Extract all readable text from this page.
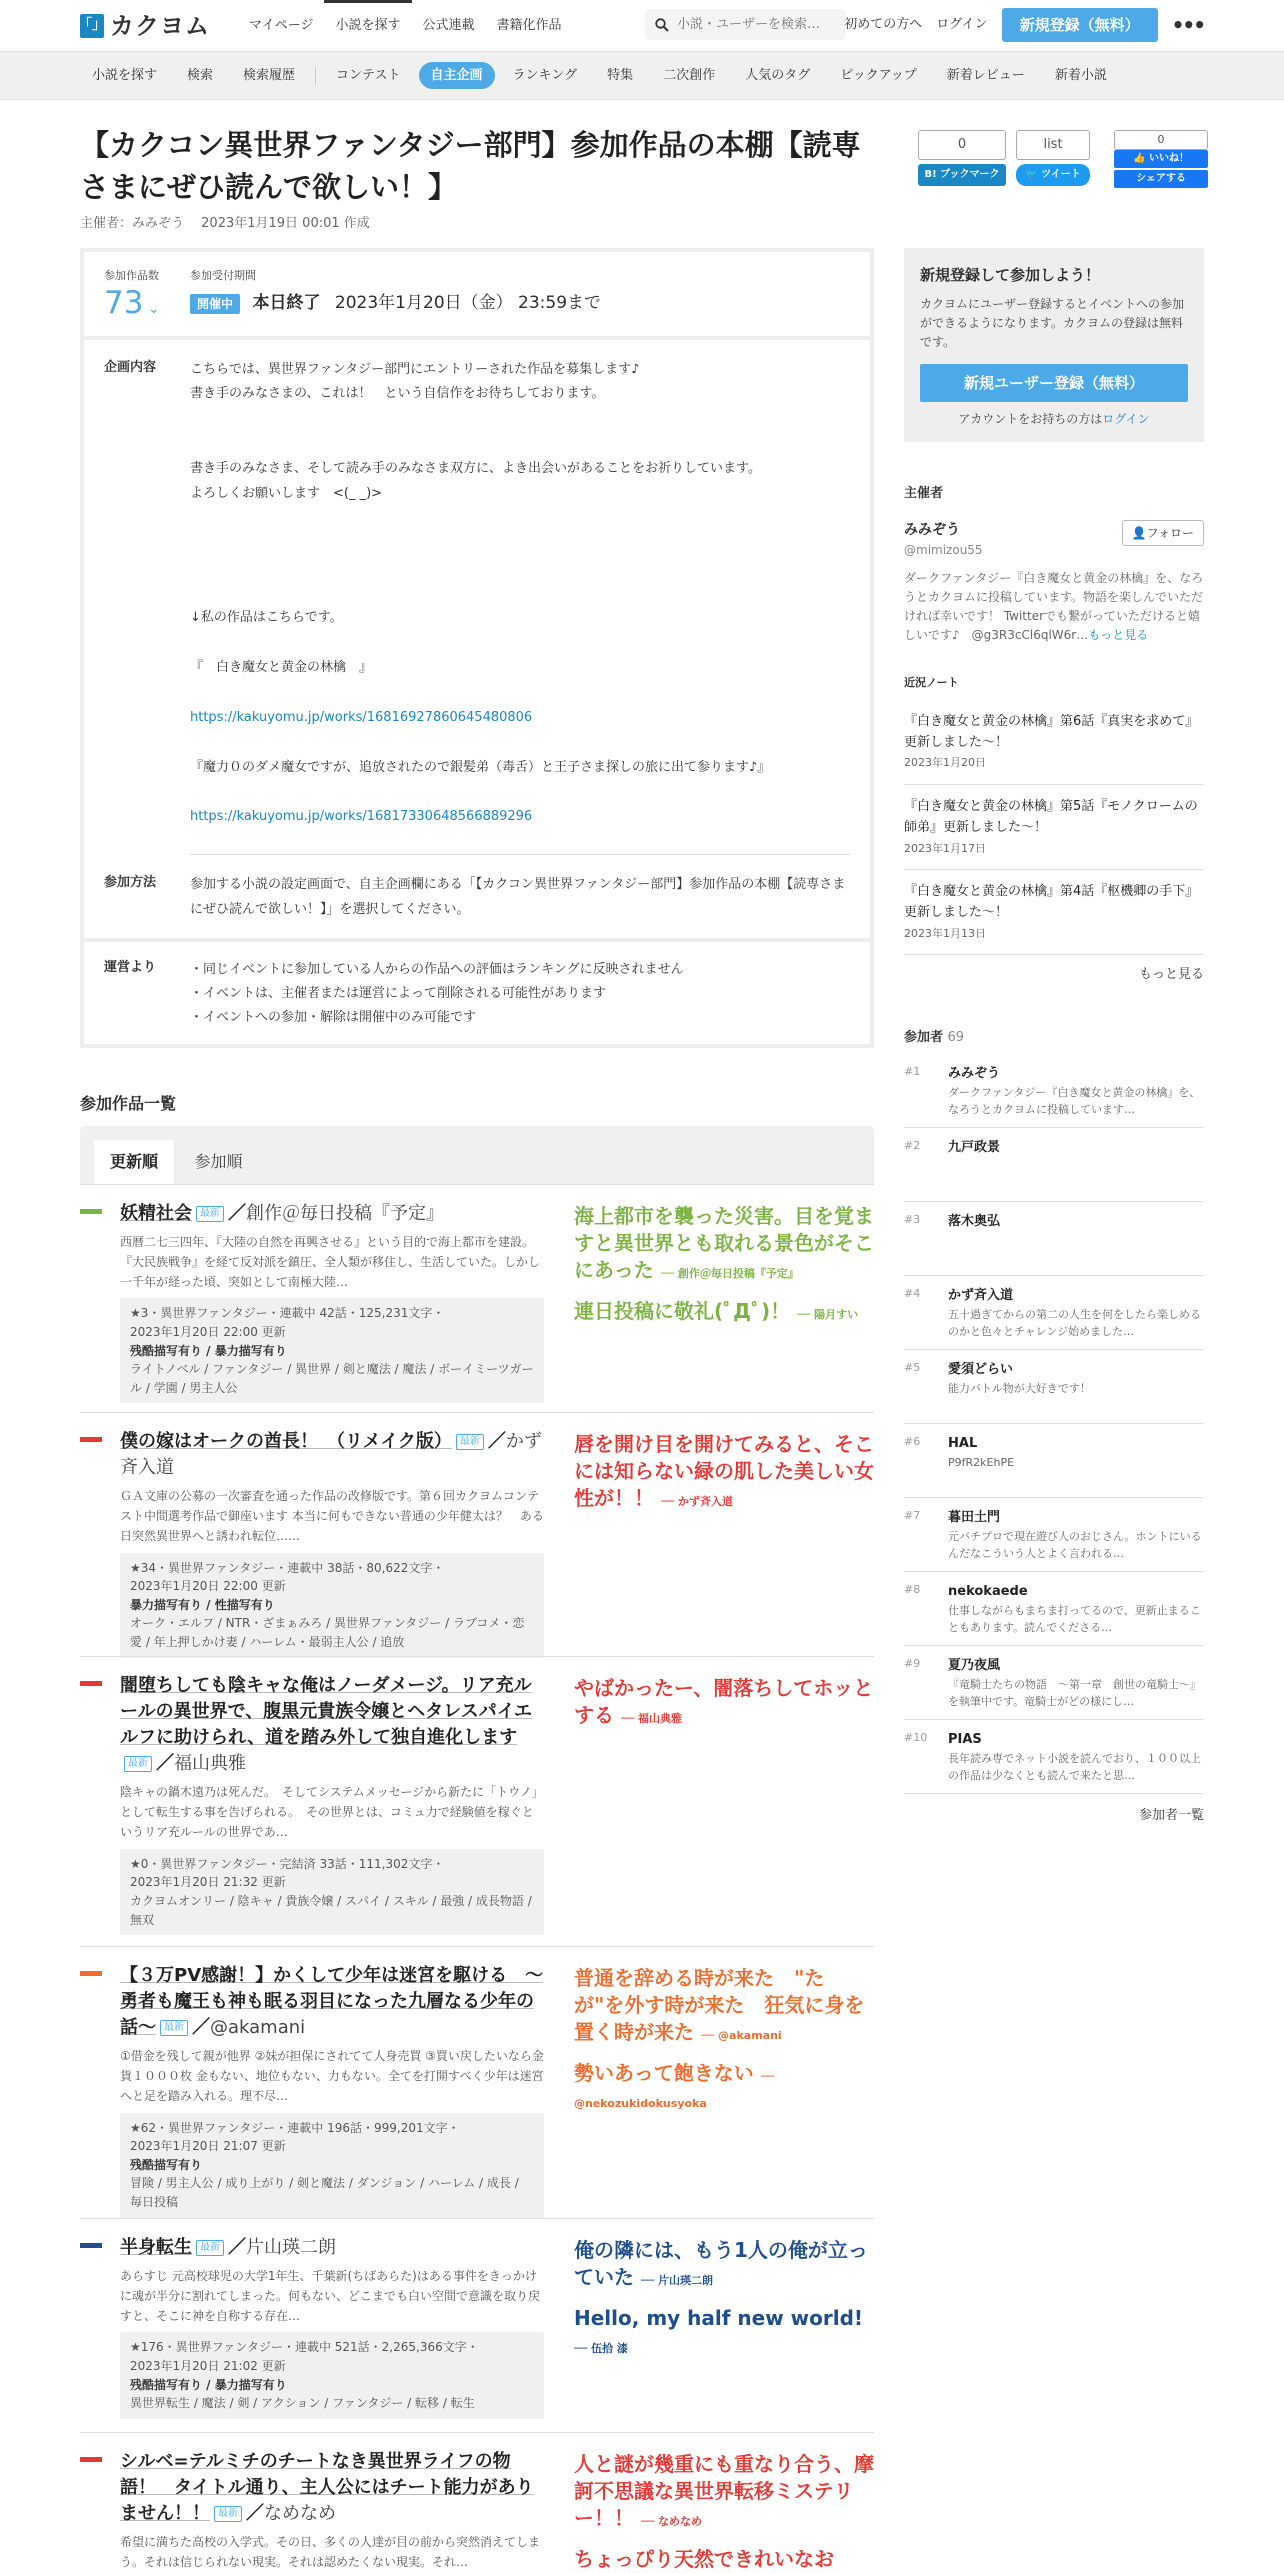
「」 カクヨム	マイページ	小説を探す	公式連載	書籍化作品
小説・ユーザーを検索…	初めての方へ ログイン	新規登録（無料）	•••
小説を探す	検索	検索履歴	コンテスト	自主企画	ランキング	特集	二次創作	人気のタグ	ピックアップ	新着レビュー	新着小説
【カクコン異世界ファンタジー部門】参加作品の本棚【読専さまにぜひ読んで欲しい！】
主催者：みみぞう　 2023年1月19日 00:01 作成
0
B! ブックマーク
list
🐦 ツイート
0
👍 いいね！
シェアする
参加作品数
73 ⌄
参加受付期間
開催中 本日終了 2023年1月20日（金） 23:59まで
企画内容	こちらでは、異世界ファンタジー部門にエントリーされた作品を募集します♪
書き手のみなさまの、これは！　という自信作をお待ちしております。
書き手のみなさま、そして読み手のみなさま双方に、よき出会いがあることをお祈りしています。
よろしくお願いします　<(_ _)>
↓私の作品はこちらです。
『　白き魔女と黄金の林檎　』
https://kakuyomu.jp/works/16816927860645480806
『魔力０のダメ魔女ですが、追放されたので銀髪弟（毒舌）と王子さま探しの旅に出て参ります♪』
https://kakuyomu.jp/works/16817330648566889296
参加方法	参加する小説の設定画面で、自主企画欄にある「【カクコン異世界ファンタジー部門】参加作品の本棚【読専さまにぜひ読んで欲しい！】」を選択してください。
運営より	・同じイベントに参加している人からの作品への評価はランキングに反映されません
・イベントは、主催者または運営によって削除される可能性があります
・イベントへの参加・解除は開催中のみ可能です
参加作品一覧
更新順 参加順
妖精社会 最新 ／創作＠毎日投稿『予定』
西暦二七三四年、『大陸の自然を再興させる』という目的で海上都市を建設。『大民族戦争』を経て反対派を鎮圧、全人類が移住し、生活していた。しかし一千年が経った頃、突如として南極大陸…
★3・異世界ファンタジー・連載中 42話・125,231文字・
2023年1月20日 22:00 更新
残酷描写有り / 暴力描写有り
ライトノベル / ファンタジー / 異世界 / 剣と魔法 / 魔法 / ボーイミーツガール / 学園 / 男主人公
海上都市を襲った災害。目を覚ますと異世界とも取れる景色がそこにあった ── 創作＠毎日投稿『予定』
連日投稿に敬礼(ﾟДﾟ)！ ── 陽月すい
僕の嫁はオークの酋長！　（リメイク版） 最新 ／かず斉入道
ＧＡ文庫の公募の一次審査を通った作品の改修版です。第６回カクヨムコンテスト中間選考作品で御座います 本当に何もできない普通の少年健太は？　ある日突然異世界へと誘われ転位……
★34・異世界ファンタジー・連載中 38話・80,622文字・
2023年1月20日 22:00 更新
暴力描写有り / 性描写有り
オーク・エルフ / NTR・ざまぁみろ / 異世界ファンタジー / ラブコメ・恋愛 / 年上押しかけ妻 / ハーレム・最弱主人公 / 追放
唇を開け目を開けてみると、そこには知らない緑の肌した美しい女性が！！ ── かず斉入道
闇堕ちしても陰キャな俺はノーダメージ。リア充ルールの異世界で、腹黒元貴族令嬢とヘタレスパイエルフに助けられ、道を踏み外して独自進化します最新 ／福山典雅
陰キャの鍋木遠乃は死んだ。　そしてシステムメッセージから新たに「トウノ」として転生する事を告げられる。　その世界とは、コミュ力で経験値を稼ぐというリア充ルールの世界であ…
★0・異世界ファンタジー・完結済 33話・111,302文字・
2023年1月20日 21:32 更新
カクヨムオンリー / 陰キャ / 貴族令嬢 / スパイ / スキル / 最強 / 成長物語 / 無双
やばかったー、闇落ちしてホッとする ── 福山典雅
【３万PV感謝！】かくして少年は迷宮を駆ける　～勇者も魔王も神も眠る羽目になった九層なる少年の話～ 最新 ／@akamani
①借金を残して親が他界 ②妹が担保にされてて人身売買 ③買い戻したいなら金貨１０００枚 金もない、地位もない、力もない。全てを打開すべく少年は迷宮へと足を踏み入れる。理不尽…
★62・異世界ファンタジー・連載中 196話・999,201文字・
2023年1月20日 21:07 更新
残酷描写有り
冒険 / 男主人公 / 成り上がり / 剣と魔法 / ダンジョン / ハーレム / 成長 / 毎日投稿
普通を辞める時が来た　"たが"を外す時が来た　狂気に身を置く時が来た ── @akamani
勢いあって飽きない ── @nekozukidokusyoka
半身転生 最新 ／片山瑛二朗
あらすじ 元高校球児の大学1年生、千葉新(ちばあらた)はある事件をきっかけに魂が半分に割れてしまった。何もない、どこまでも白い空間で意識を取り戻すと、そこに神を自称する存在…
★176・異世界ファンタジー・連載中 521話・2,265,366文字・
2023年1月20日 21:02 更新
残酷描写有り / 暴力描写有り
異世界転生 / 魔法 / 剣 / アクション / ファンタジー / 転移 / 転生
俺の隣には、もう1人の俺が立っていた ── 片山瑛二朗
Hello, my half new world! ── 伍拾 漆
シルベ=テルミチのチートなき異世界ライフの物語！　タイトル通り、主人公にはチート能力がありません！！ 最新 ／なめなめ
希望に満ちた高校の入学式。その日、多くの人達が目の前から突然消えてしまう。それは信じられない現実。それは認めたくない現実。それ…
人と謎が幾重にも重なり合う、摩訶不思議な異世界転移ミステリー！！ ── なめなめ
ちょっぴり天然できれいなお
新規登録して参加しよう！

カクヨムにユーザー登録するとイベントへの参加ができるようになります。カクヨムの登録は無料です。

新規ユーザー登録（無料）
アカウントをお持ちの方はログイン
主催者
みみぞう
@mimizou55
👤フォロー
ダークファンタジー『白き魔女と黄金の林檎』を、なろうとカクヨムに投稿しています。物語を楽しんでいただければ幸いです！ Twitterでも繋がっていただけると嬉しいです♪　@g3R3cCl6qlW6r…もっと見る
近況ノート
『白き魔女と黄金の林檎』第6話『真実を求めて』更新しました～！
2023年1月20日
『白き魔女と黄金の林檎』第5話『モノクロームの師弟』更新しました～！
2023年1月17日
『白き魔女と黄金の林檎』第4話『枢機卿の手下』更新しました～！
2023年1月13日
もっと見る
参加者 69
#1	みみぞう
ダークファンタジー『白き魔女と黄金の林檎』を、なろうとカクヨムに投稿しています…
#2	九戸政景
#3	落木奥弘
#4	かず斉入道
五十過ぎてからの第二の人生を何をしたら楽しめるのかと色々とチャレンジ始めました…
#5	愛須どらい
能力バトル物が大好きです！
#6	HAL
P9fR2kEhPE
#7	暮田土門
元バチプロで現在遊び人のおじさん。ホントにいるんだなこういう人とよく言われる…
#8	nekokaede
仕事しながらもまちま打ってるので、更新止まることもあります。読んでくださる…
#9	夏乃夜風
『竜騎士たちの物語　〜第一章　創世の竜騎士〜』を執筆中です。竜騎士がどの様にし…
#10	PIAS
長年読み専でネット小説を読んでおり、１００以上の作品は少なくとも読んで来たと思…
参加者一覧
